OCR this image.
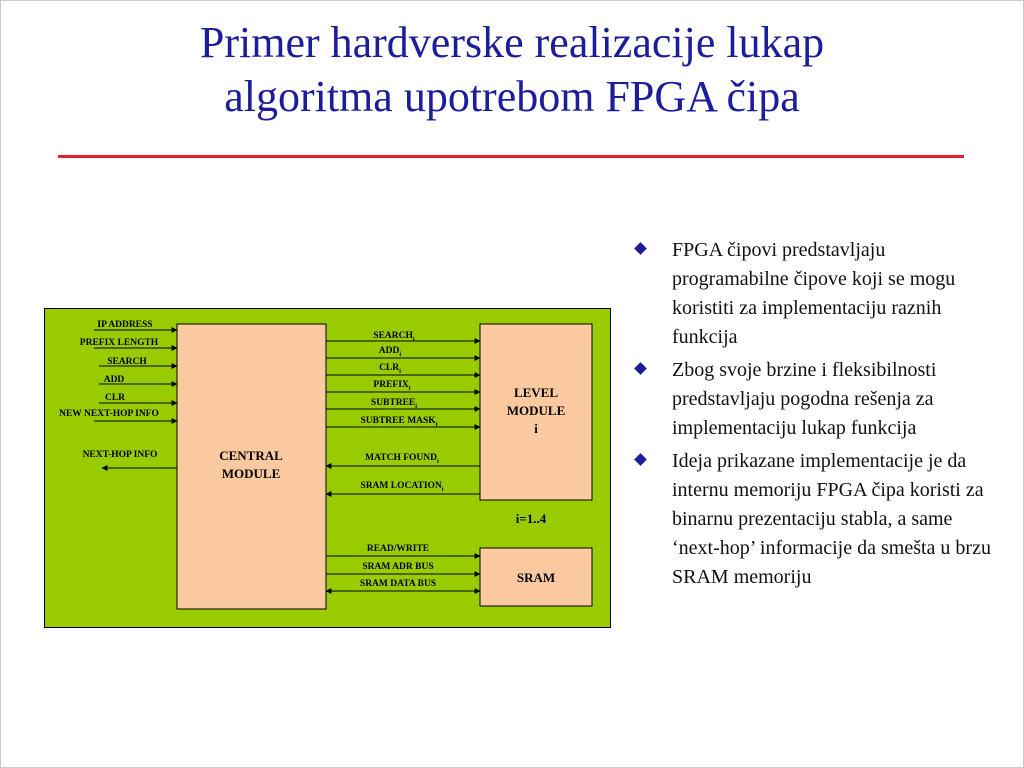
Primer hardverske realizacije lukap
algoritma upotrebom FPGA čipa
FPGA čipovi predstavljaju programabilne čipove koji se mogu koristiti za implementaciju raznih funkcija
Zbog svoje brzine i fleksibilnosti predstavljaju pogodna rešenja za implementaciju lukap funkcija
Ideja prikazane implementacije je da internu memoriju FPGA čipa koristi za binarnu prezentaciju stabla, a same ‘next-hop’ informacije da smešta u brzu SRAM memoriju
CENTRAL
MODULE
LEVEL
MODULE
i
i=1..4
SRAM
IP ADDRESS
PREFIX LENGTH
SEARCH
ADD
CLR
NEW NEXT-HOP INFO
NEXT-HOP INFO
$SEARCH_i$
$ADD_i$
$CLR_i$
$PREFIX_i$
$SUBTREE_i$
SUBTREE $MASK_i$
MATCH $FOUND_i$
SRAM $LOCATION_i$
READ/WRITE
SRAM ADR BUS
SRAM DATA BUS
